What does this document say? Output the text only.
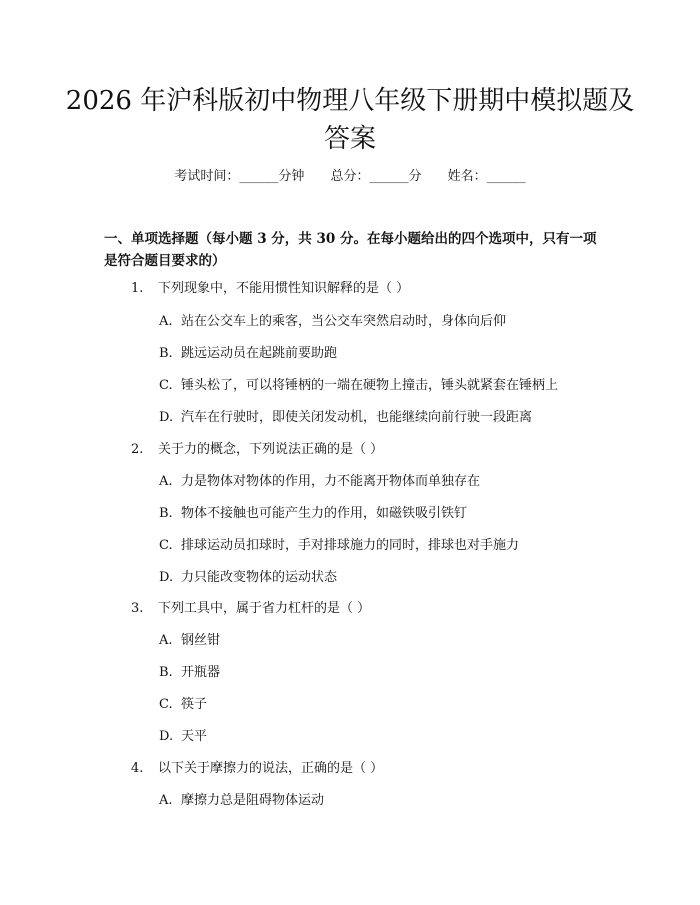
2026 年沪科版初中物理八年级下册期中模拟题及答案
考试时间：______分钟 总分：______分 姓名：______
一、单项选择题（每小题 3 分，共 30 分。在每小题给出的四个选项中，只有一项是符合题目要求的）
1. 下列现象中，不能用惯性知识解释的是（ ）
A. 站在公交车上的乘客，当公交车突然启动时，身体向后仰
B. 跳远运动员在起跳前要助跑
C. 锤头松了，可以将锤柄的一端在硬物上撞击，锤头就紧套在锤柄上
D. 汽车在行驶时，即使关闭发动机，也能继续向前行驶一段距离
2. 关于力的概念，下列说法正确的是（ ）
A. 力是物体对物体的作用，力不能离开物体而单独存在
B. 物体不接触也可能产生力的作用，如磁铁吸引铁钉
C. 排球运动员扣球时，手对排球施力的同时，排球也对手施力
D. 力只能改变物体的运动状态
3. 下列工具中，属于省力杠杆的是（ ）
A. 钢丝钳
B. 开瓶器
C. 筷子
D. 天平
4. 以下关于摩擦力的说法，正确的是（ ）
A. 摩擦力总是阻碍物体运动
